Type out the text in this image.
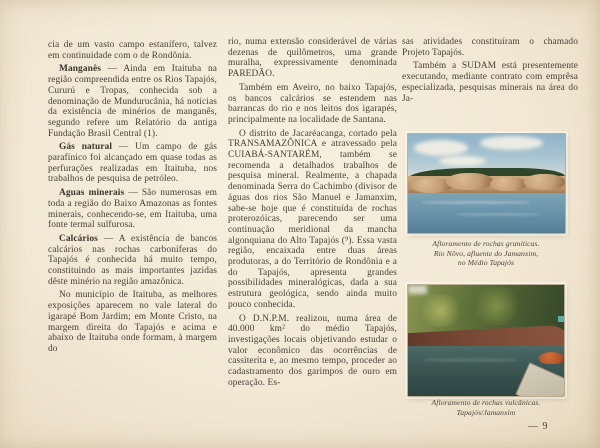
cia de um vasto campo estanífero, talvez em continuidade com o de Rondônia.

Manganês — Ainda em Itaituba na região compreendida entre os Rios Tapajós, Cururú e Tropas, conhecida sob a denominação de Mundurucânia, há notícias da existência de minérios de manganês, segundo refere um Relatório da antiga Fundação Brasil Central (1).

Gás natural — Um campo de gás parafínico foi alcançado em quase todas as perfurações realizadas em Itaituba, nos trabalhos de pesquisa de petróleo.

Aguas minerais — São numerosas em toda a região do Baixo Amazonas as fontes minerais, conhecendo-se, em Itaituba, uma fonte termal sulfurosa.

Calcários — A existência de bancos calcários nas rochas carboníferas do Tapajós é conhecida há muito tempo, constituindo as mais importantes jazidas dêste minério na região amazônica.

No município de Itaituba, as melhores exposições aparecem no vale lateral do igarapé Bom Jardim; em Monte Cristo, na margem direita do Tapajós e acima e abaixo de Itaituba onde formam, à margem do

rio, numa extensão considerável de várias dezenas de quilômetros, uma grande muralha, expressivamente denominada PAREDÃO.

Também em Aveiro, no baixo Tapajós, os bancos calcários se estendem nas barrancas do rio e nos leitos dos igarapés, principalmente na localidade de Santana.

O distrito de Jacaréacanga, cortado pela TRANSAMAZÔNICA e atravessado pela CUIABÁ-SANTARÉM, também se recomenda a detalhados trabalhos de pesquisa mineral. Realmente, a chapada denominada Serra do Cachimbo (divisor de águas dos rios São Manuel e Jamanxim, sabe-se hoje que é constituída de rochas proterozóicas, parecendo ser uma continuação meridional da mancha algonquiana do Alto Tapajós (⁹). Essa vasta região, encaixada entre duas áreas produtoras, a do Território de Rondônia e a do Tapajós, apresenta grandes possibilidades mineralógicas, dada a sua estrutura geológica, sendo ainda muito pouco conhecida.

O D.N.P.M. realizou, numa área de 40.000 km² do médio Tapajós, investigações locais objetivando estudar o valor econômico das ocorrências de cassiterita e, ao mesmo tempo, proceder ao cadastramento dos garimpos de ouro em operação. Es-

sas atividades constituíram o chamado Projeto Tapajós.

Também a SUDAM está presentemente executando, mediante contrato com emprêsa especializada, pesquisas minerais na área do Ja-

Afloramento de rochas graníticas.
Rio Nôvo, afluente do Jamanxim,
no Médio Tapajós
Afloramento de rochas vulcânicas.
Tapajós/Jamanxim
— 9
